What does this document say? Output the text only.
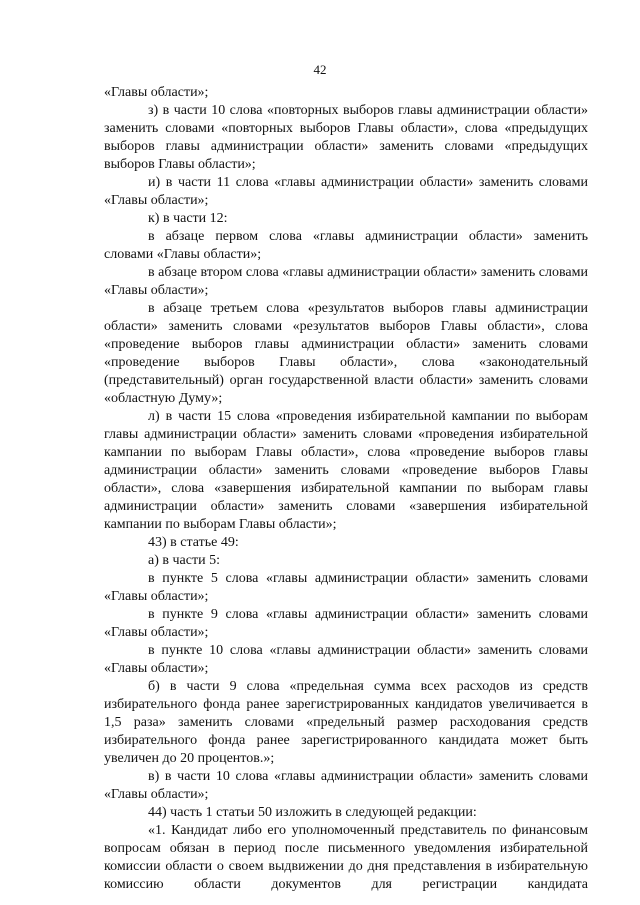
42

«Главы области»;

з) в части 10 слова «повторных выборов главы администрации области» заменить словами «повторных выборов Главы области», слова «предыдущих выборов главы администрации области» заменить словами «предыдущих выборов Главы области»;

и) в части 11 слова «главы администрации области» заменить словами «Главы области»;

к) в части 12:

в абзаце первом слова «главы администрации области» заменить словами «Главы области»;

в абзаце втором слова «главы администрации области» заменить словами «Главы области»;

в абзаце третьем слова «результатов выборов главы администрации области» заменить словами «результатов выборов Главы области», слова «проведение выборов главы администрации области» заменить словами «проведение выборов Главы области», слова «законодательный (представительный) орган государственной власти области» заменить словами «областную Думу»;

л) в части 15 слова «проведения избирательной кампании по выборам главы администрации области» заменить словами «проведения избирательной кампании по выборам Главы области», слова «проведение выборов главы администрации области» заменить словами «проведение выборов Главы области», слова «завершения избирательной кампании по выборам главы администрации области» заменить словами «завершения избирательной кампании по выборам Главы области»;

43) в статье 49:

а) в части 5:

в пункте 5 слова «главы администрации области» заменить словами «Главы области»;

в пункте 9 слова «главы администрации области» заменить словами «Главы области»;

в пункте 10 слова «главы администрации области» заменить словами «Главы области»;

б) в части 9 слова «предельная сумма всех расходов из средств избирательного фонда ранее зарегистрированных кандидатов увеличивается в 1,5 раза» заменить словами «предельный размер расходования средств избирательного фонда ранее зарегистрированного кандидата может быть увеличен до 20 процентов.»;

в) в части 10 слова «главы администрации области» заменить словами «Главы области»;

44) часть 1 статьи 50 изложить в следующей редакции:

«1. Кандидат либо его уполномоченный представитель по финансовым вопросам обязан в период после письменного уведомления избирательной комиссии области о своем выдвижении до дня представления в избирательную комиссию области документов для регистрации кандидата
